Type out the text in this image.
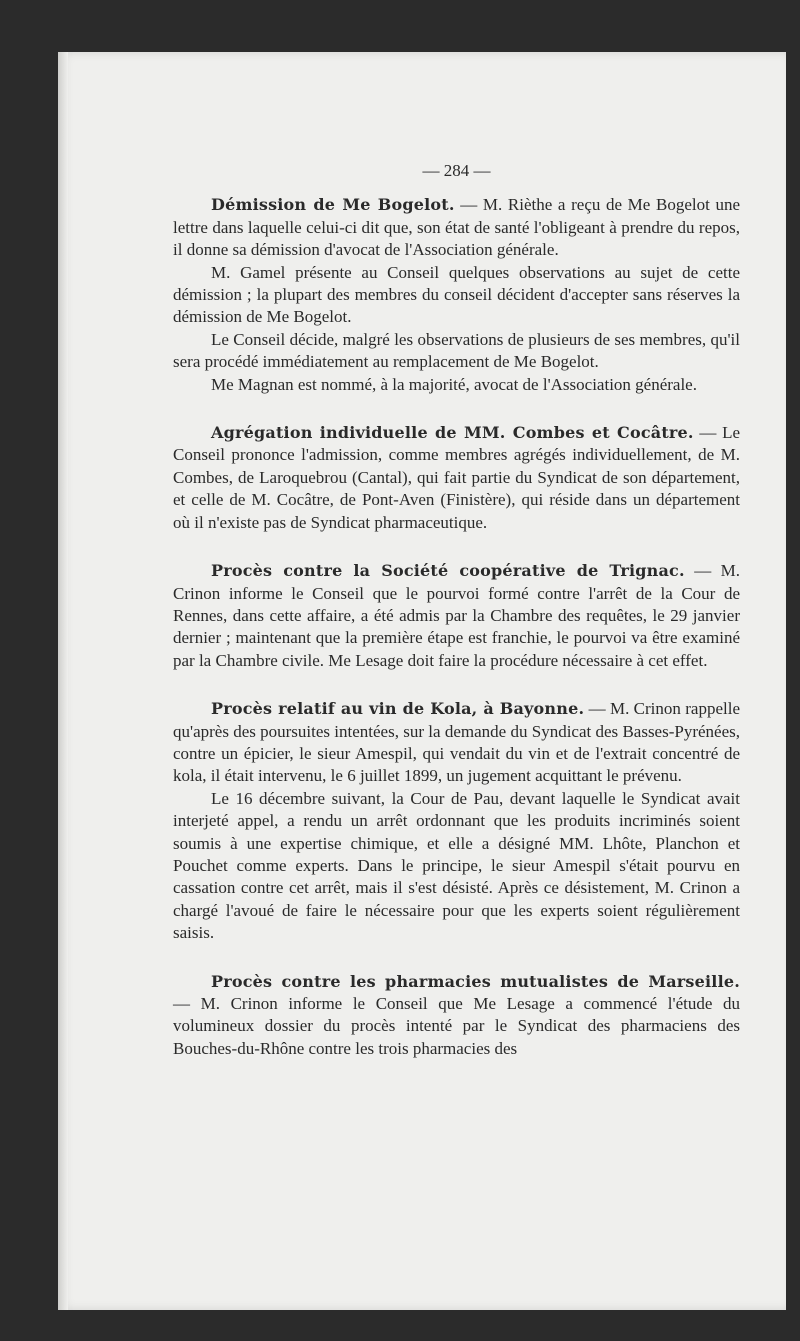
— 284 —

Démission de Me Bogelot. — M. Rièthe a reçu de Me Bogelot une lettre dans laquelle celui-ci dit que, son état de santé l'obligeant à prendre du repos, il donne sa démission d'avocat de l'Association générale.

M. Gamel présente au Conseil quelques observations au sujet de cette démission ; la plupart des membres du conseil décident d'accepter sans réserves la démission de Me Bogelot.

Le Conseil décide, malgré les observations de plusieurs de ses membres, qu'il sera procédé immédiatement au remplacement de Me Bogelot.

Me Magnan est nommé, à la majorité, avocat de l'Association générale.

Agrégation individuelle de MM. Combes et Cocâtre. — Le Conseil prononce l'admission, comme membres agrégés individuellement, de M. Combes, de Laroquebrou (Cantal), qui fait partie du Syndicat de son département, et celle de M. Cocâtre, de Pont-Aven (Finistère), qui réside dans un département où il n'existe pas de Syndicat pharmaceutique.

Procès contre la Société coopérative de Trignac. — M. Crinon informe le Conseil que le pourvoi formé contre l'arrêt de la Cour de Rennes, dans cette affaire, a été admis par la Chambre des requêtes, le 29 janvier dernier ; maintenant que la première étape est franchie, le pourvoi va être examiné par la Chambre civile. Me Lesage doit faire la procédure nécessaire à cet effet.

Procès relatif au vin de Kola, à Bayonne. — M. Crinon rappelle qu'après des poursuites intentées, sur la demande du Syndicat des Basses-Pyrénées, contre un épicier, le sieur Amespil, qui vendait du vin et de l'extrait concentré de kola, il était intervenu, le 6 juillet 1899, un jugement acquittant le prévenu.

Le 16 décembre suivant, la Cour de Pau, devant laquelle le Syndicat avait interjeté appel, a rendu un arrêt ordonnant que les produits incriminés soient soumis à une expertise chimique, et elle a désigné MM. Lhôte, Planchon et Pouchet comme experts. Dans le principe, le sieur Amespil s'était pourvu en cassation contre cet arrêt, mais il s'est désisté. Après ce désistement, M. Crinon a chargé l'avoué de faire le nécessaire pour que les experts soient régulièrement saisis.

Procès contre les pharmacies mutualistes de Marseille. — M. Crinon informe le Conseil que Me Lesage a commencé l'étude du volumineux dossier du procès intenté par le Syndicat des pharmaciens des Bouches-du-Rhône contre les trois pharmacies des
